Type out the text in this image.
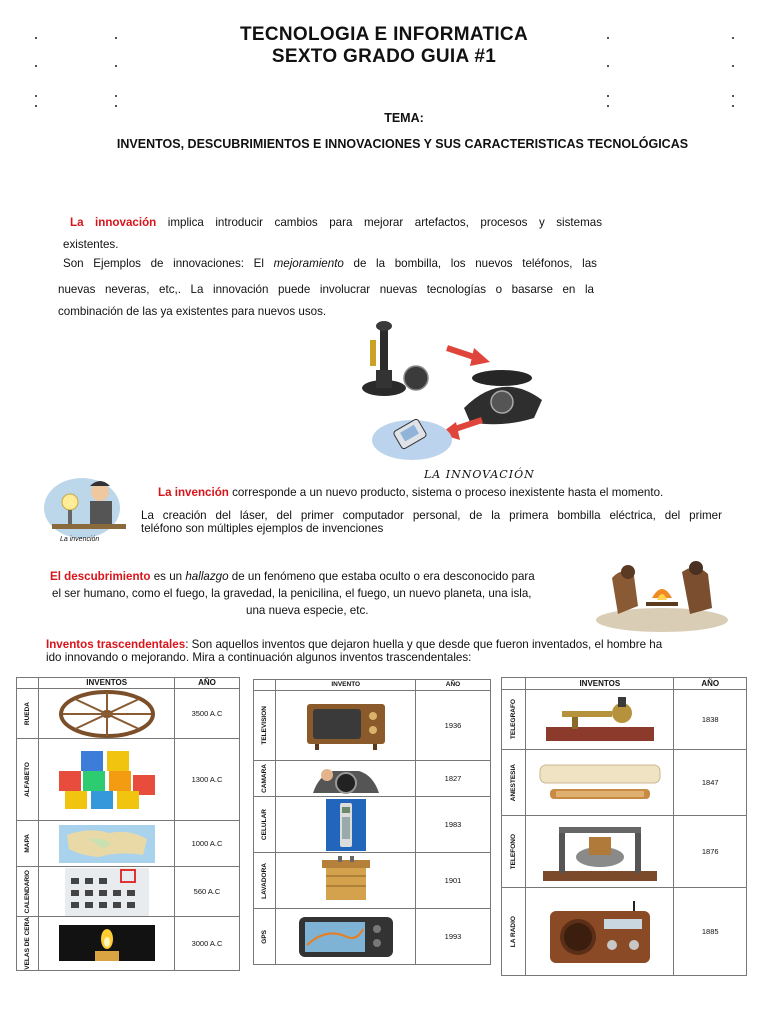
TECNOLOGIA E INFORMATICA
SEXTO GRADO GUIA #1
TEMA:
INVENTOS, DESCUBRIMIENTOS E INNOVACIONES Y SUS CARACTERISTICAS TECNOLÓGICAS
La innovación implica introducir cambios para mejorar artefactos, procesos y sistemas
existentes.
Son Ejemplos de innovaciones: El mejoramiento de la bombilla, los nuevos teléfonos, las
nuevas neveras, etc,. La innovación puede involucrar nuevas tecnologías o basarse en la
combinación de las ya existentes para nuevos usos.
LA INNOVACIÓN
La invención
La invención corresponde a un nuevo producto, sistema o proceso inexistente hasta el momento.
La creación del láser, del primer computador personal, de la primera bombilla eléctrica, del primer
teléfono son múltiples ejemplos de invenciones
El descubrimiento es un hallazgo de un fenómeno que estaba oculto o era desconocido para
el ser humano, como el fuego, la gravedad, la penicilina, el fuego, un nuevo planeta, una isla,
una nueva especie, etc.
Inventos trascendentales: Son aquellos inventos que dejaron huella y que desde que fueron inventados, el hombre ha
ido innovando o mejorando. Mira a continuación algunos inventos trascendentales:
	INVENTOS	AÑO

RUEDA		3500 A.C

ALFABETO		1300 A.C

MAPA		1000 A.C

CALENDARIO		560 A.C

VELAS DE CERA		3000 A.C
	INVENTO	AÑO

TELEVISION		1936

CAMARA		1827

CELULAR		1983

LAVADORA		1901

GPS		1993
	INVENTOS	AÑO

TELEGRAFO		1838

ANESTESIA		1847

TELEFONO		1876

LA RADIO		1885
